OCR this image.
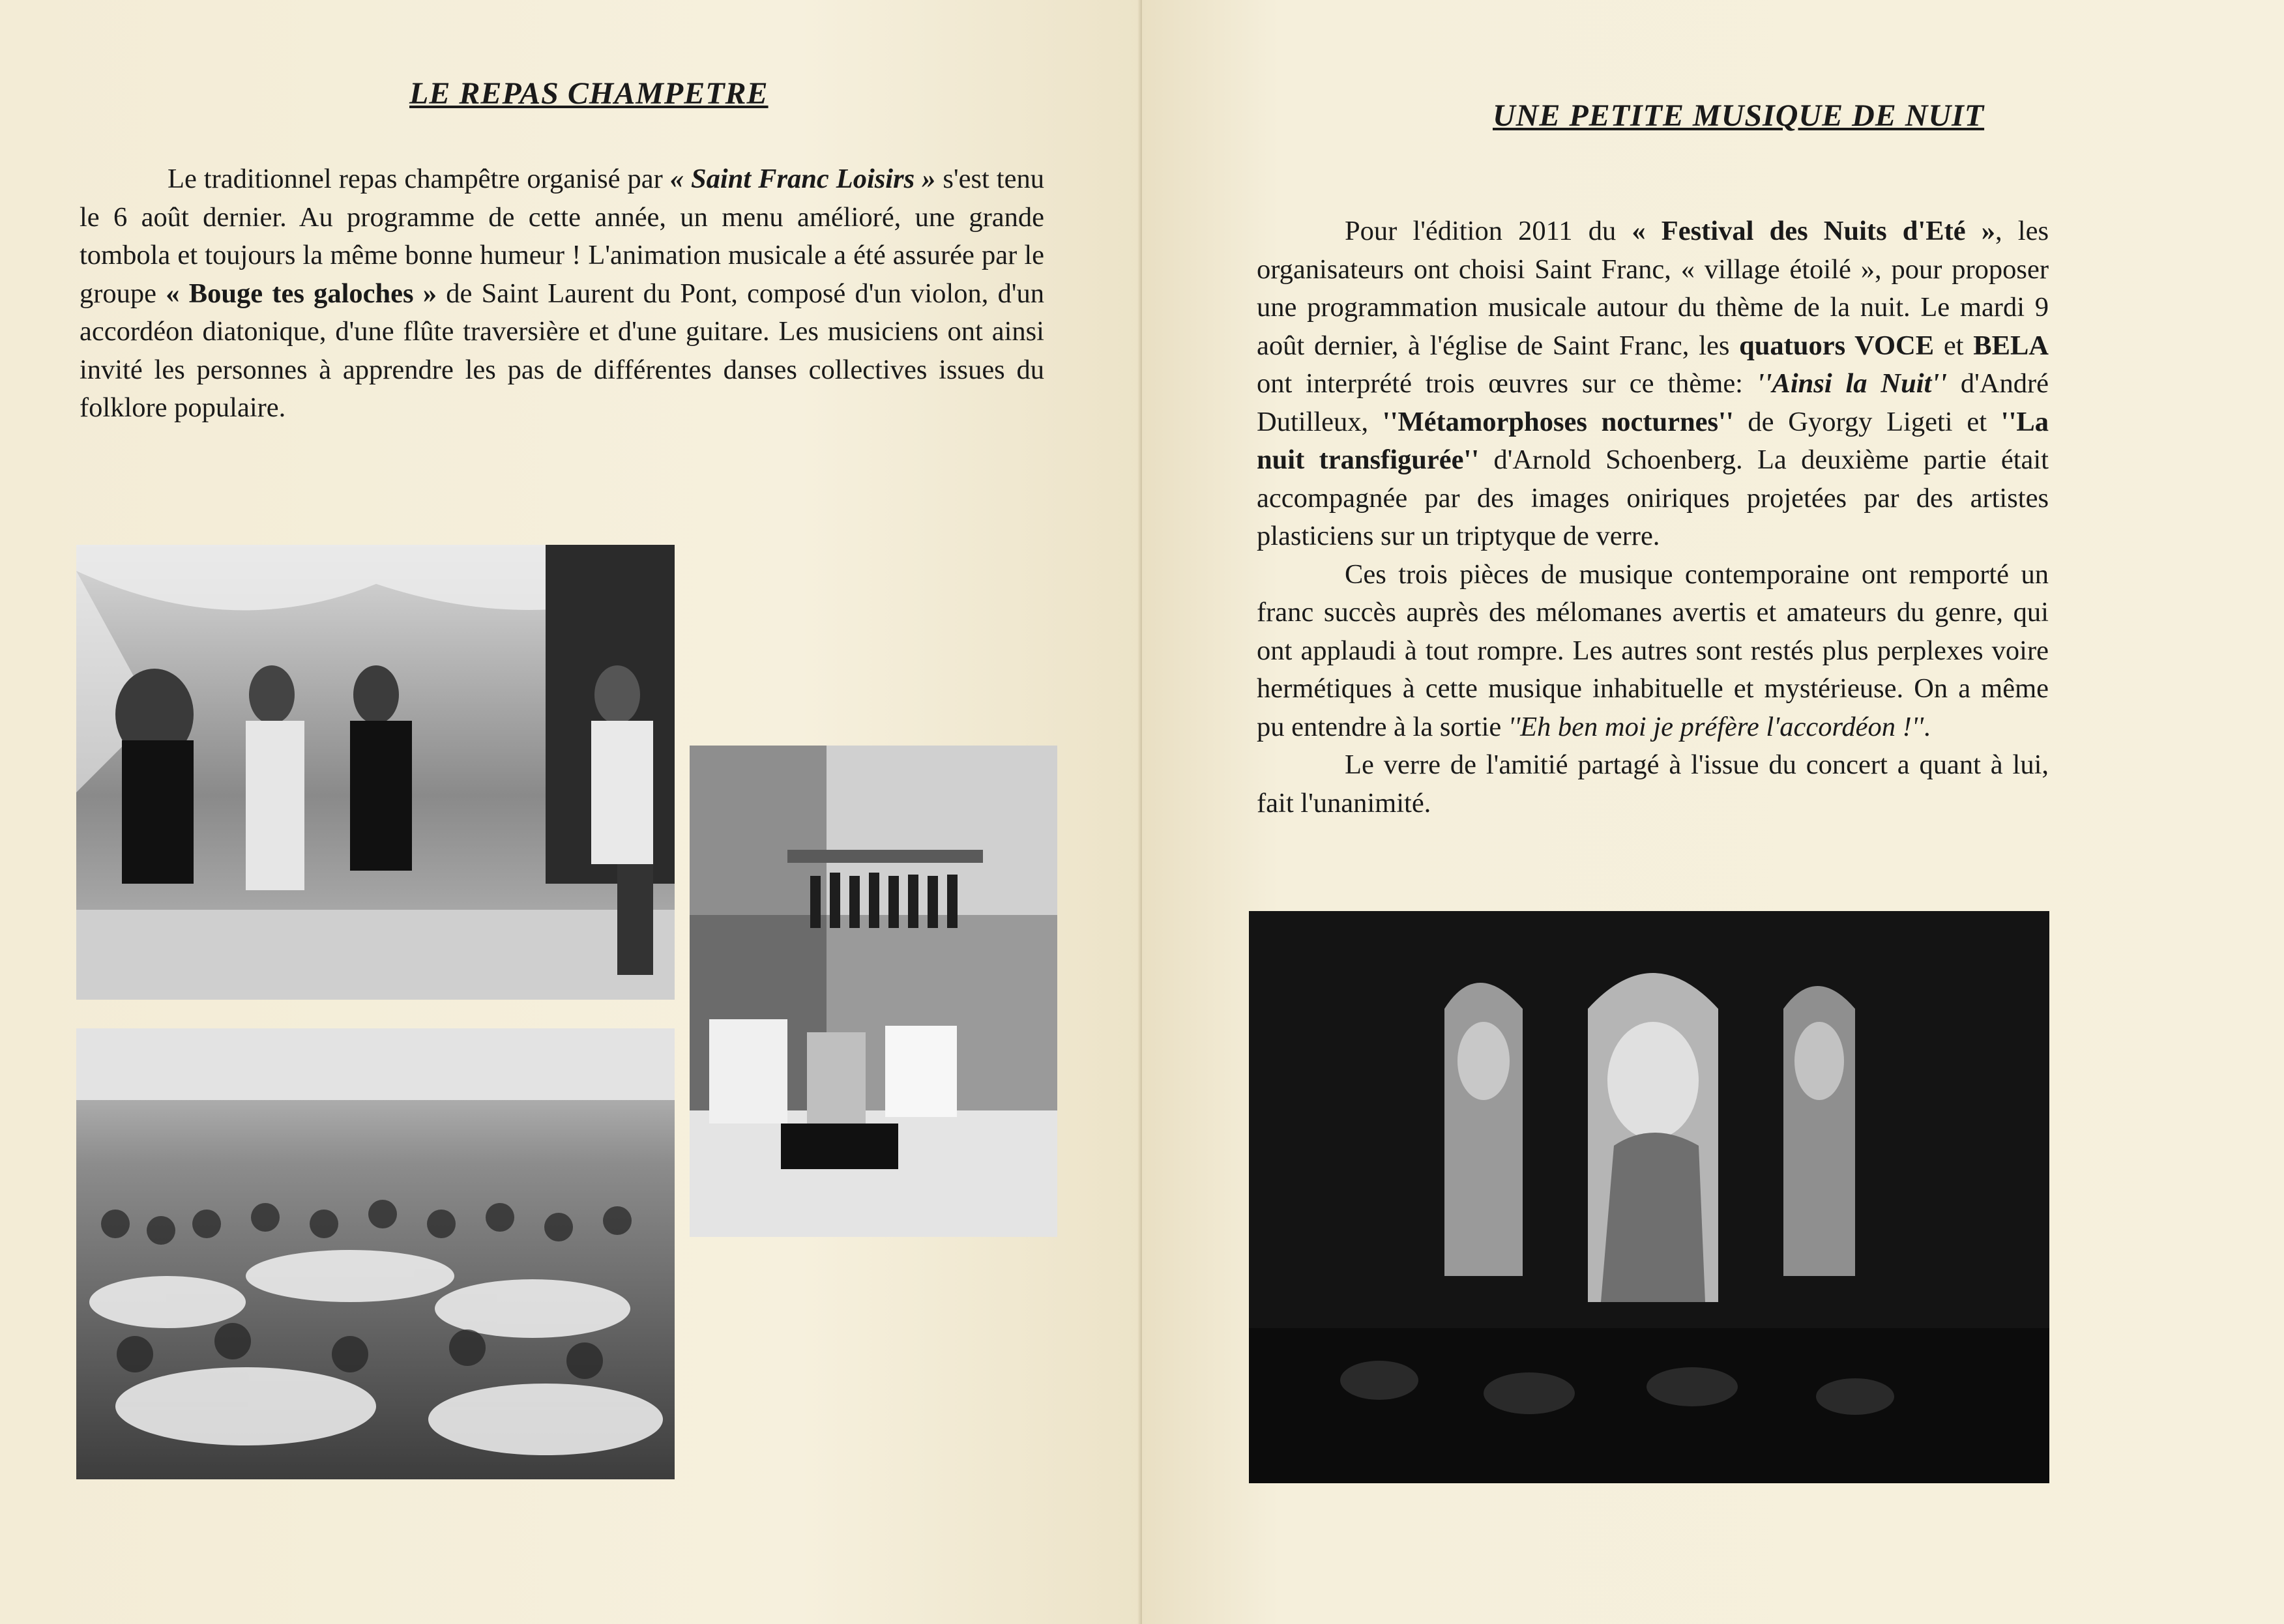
LE REPAS CHAMPETRE

Le traditionnel repas champêtre organisé par « Saint Franc Loisirs » s'est tenu le 6 août dernier. Au programme de cette année, un menu amélioré, une grande tombola et toujours la même bonne humeur ! L'animation musicale a été assurée par le groupe « Bouge tes galoches » de Saint Laurent du Pont, composé d'un violon, d'un accordéon diatonique, d'une flûte traversière et d'une guitare. Les musiciens ont ainsi invité les personnes à apprendre les pas de différentes danses collectives issues du folklore populaire.

UNE PETITE MUSIQUE DE NUIT

Pour l'édition 2011 du « Festival des Nuits d'Eté », les organisateurs ont choisi Saint Franc, « village étoilé », pour proposer une programmation musicale autour du thème de la nuit. Le mardi 9 août dernier, à l'église de Saint Franc, les quatuors VOCE et BELA ont interprété trois œuvres sur ce thème: ''Ainsi la Nuit'' d'André Dutilleux, ''Métamorphoses nocturnes'' de Gyorgy Ligeti et ''La nuit transfigurée'' d'Arnold Schoenberg. La deuxième partie était accompagnée par des images oniriques projetées par des artistes plasticiens sur un triptyque de verre.

Ces trois pièces de musique contemporaine ont remporté un franc succès auprès des mélomanes avertis et amateurs du genre, qui ont applaudi à tout rompre. Les autres sont restés plus perplexes voire hermétiques à cette musique inhabituelle et mystérieuse. On a même pu entendre à la sortie ''Eh ben moi je préfère l'accordéon !''.

Le verre de l'amitié partagé à l'issue du concert a quant à lui, fait l'unanimité.
